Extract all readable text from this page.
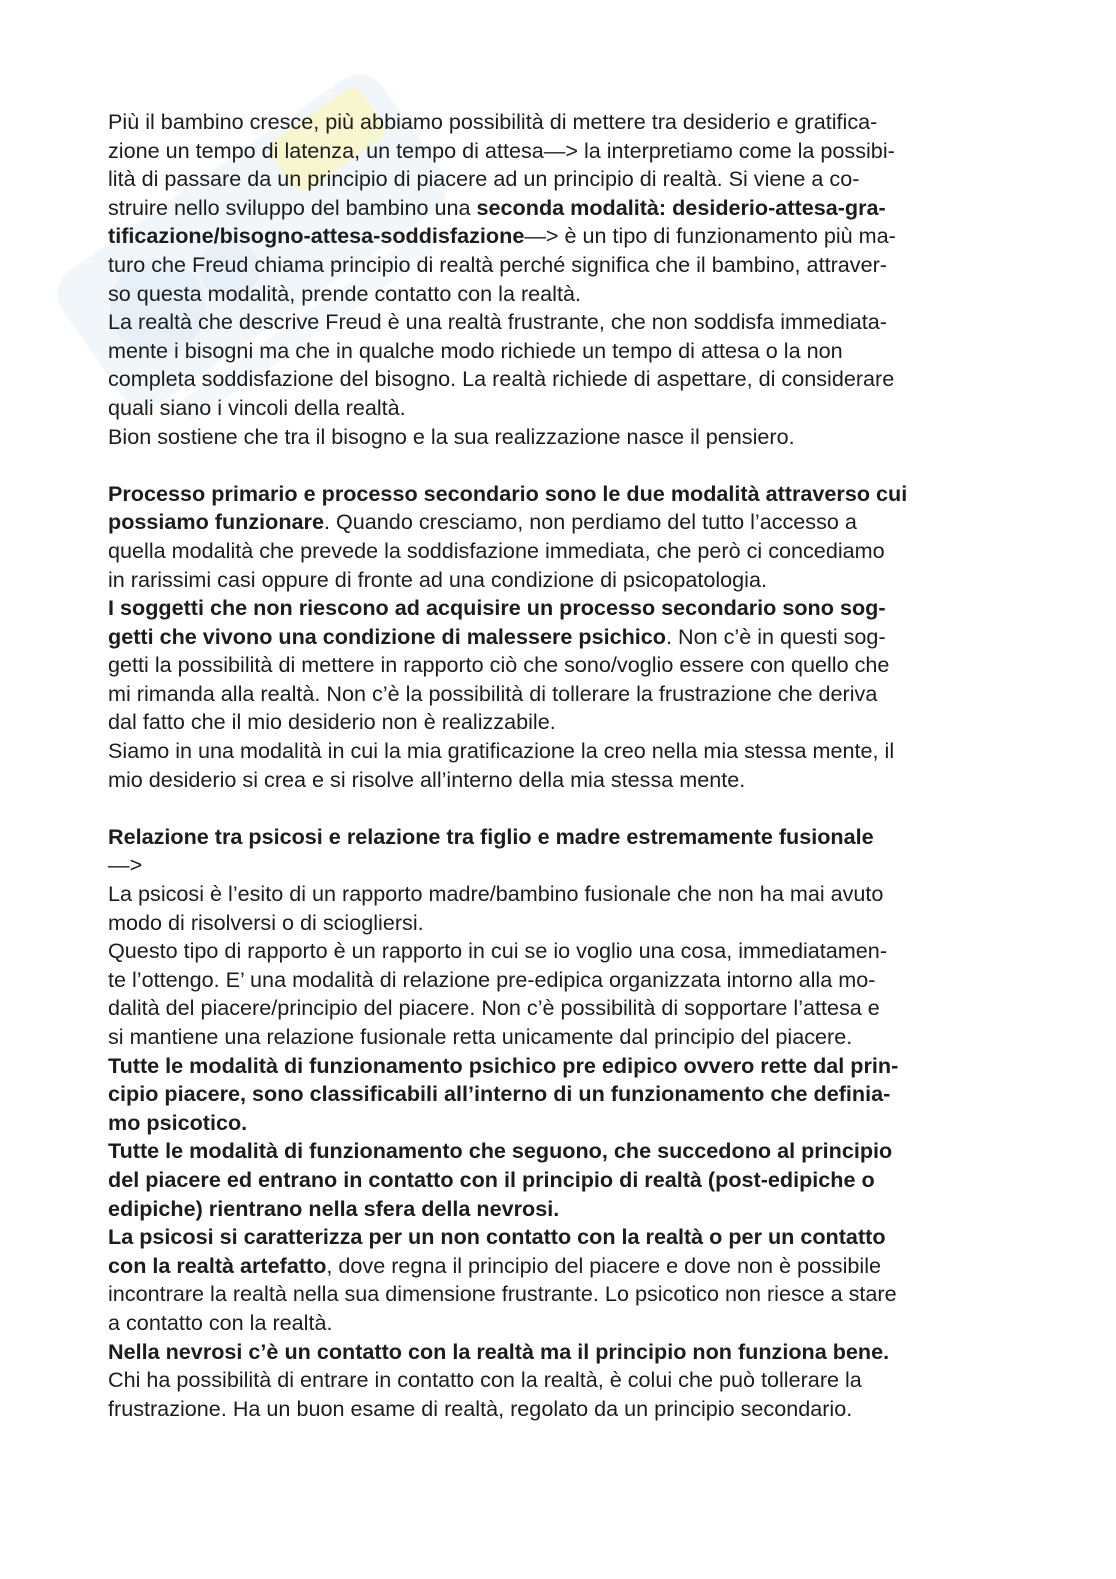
Più il bambino cresce, più abbiamo possibilità di mettere tra desiderio e gratifica-

zione un tempo di latenza, un tempo di attesa—> la interpretiamo come la possibi-

lità di passare da un principio di piacere ad un principio di realtà. Si viene a co-

struire nello sviluppo del bambino una seconda modalità: desiderio-attesa-gra-

tificazione/bisogno-attesa-soddisfazione—> è un tipo di funzionamento più ma-

turo che Freud chiama principio di realtà perché significa che il bambino, attraver-

so questa modalità, prende contatto con la realtà.

La realtà che descrive Freud è una realtà frustrante, che non soddisfa immediata-

mente i bisogni ma che in qualche modo richiede un tempo di attesa o la non

completa soddisfazione del bisogno. La realtà richiede di aspettare, di considerare

quali siano i vincoli della realtà.

Bion sostiene che tra il bisogno e la sua realizzazione nasce il pensiero.

Processo primario e processo secondario sono le due modalità attraverso cui

possiamo funzionare. Quando cresciamo, non perdiamo del tutto l’accesso a

quella modalità che prevede la soddisfazione immediata, che però ci concediamo

in rarissimi casi oppure di fronte ad una condizione di psicopatologia.

I soggetti che non riescono ad acquisire un processo secondario sono sog-

getti che vivono una condizione di malessere psichico. Non c’è in questi sog-

getti la possibilità di mettere in rapporto ciò che sono/voglio essere con quello che

mi rimanda alla realtà. Non c’è la possibilità di tollerare la frustrazione che deriva

dal fatto che il mio desiderio non è realizzabile.

Siamo in una modalità in cui la mia gratificazione la creo nella mia stessa mente, il

mio desiderio si crea e si risolve all’interno della mia stessa mente.

Relazione tra psicosi e relazione tra figlio e madre estremamente fusionale

—>

La psicosi è l’esito di un rapporto madre/bambino fusionale che non ha mai avuto

modo di risolversi o di sciogliersi.

Questo tipo di rapporto è un rapporto in cui se io voglio una cosa, immediatamen-

te l’ottengo. E’ una modalità di relazione pre-edipica organizzata intorno alla mo-

dalità del piacere/principio del piacere. Non c’è possibilità di sopportare l’attesa e

si mantiene una relazione fusionale retta unicamente dal principio del piacere.

Tutte le modalità di funzionamento psichico pre edipico ovvero rette dal prin-

cipio piacere, sono classificabili all’interno di un funzionamento che definia-

mo psicotico.

Tutte le modalità di funzionamento che seguono, che succedono al principio

del piacere ed entrano in contatto con il principio di realtà (post-edipiche o

edipiche) rientrano nella sfera della nevrosi.

La psicosi si caratterizza per un non contatto con la realtà o per un contatto

con la realtà artefatto, dove regna il principio del piacere e dove non è possibile

incontrare la realtà nella sua dimensione frustrante. Lo psicotico non riesce a stare

a contatto con la realtà.

Nella nevrosi c’è un contatto con la realtà ma il principio non funziona bene.

Chi ha possibilità di entrare in contatto con la realtà, è colui che può tollerare la

frustrazione. Ha un buon esame di realtà, regolato da un principio secondario.
